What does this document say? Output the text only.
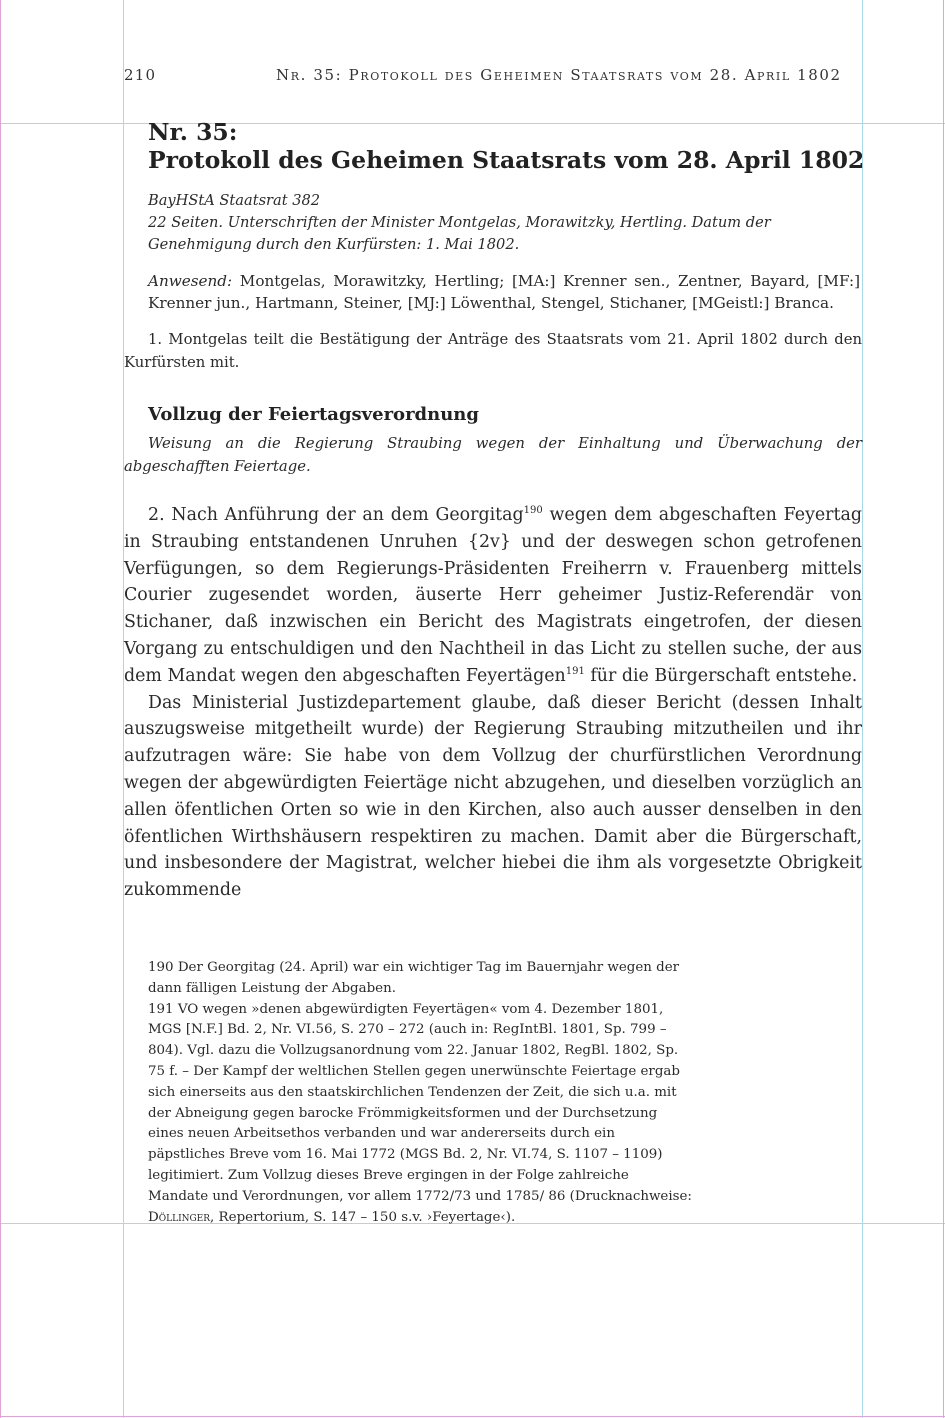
210	Nr. 35: Protokoll des Geheimen Staatsrats vom 28. April 1802
Nr. 35:
Protokoll des Geheimen Staatsrats vom 28. April 1802
BayHStA Staatsrat 382
22 Seiten. Unterschriften der Minister Montgelas, Morawitzky, Hertling. Datum der Genehmigung durch den Kurfürsten: 1. Mai 1802.
Anwesend: Montgelas, Morawitzky, Hertling; [MA:] Krenner sen., Zentner, Bayard, [MF:] Krenner jun., Hartmann, Steiner, [MJ:] Löwenthal, Stengel, Stichaner, [MGeistl:] Branca.
1. Montgelas teilt die Bestätigung der Anträge des Staatsrats vom 21. April 1802 durch den Kurfürsten mit.
Vollzug der Feiertagsverordnung
Weisung an die Regierung Straubing wegen der Einhaltung und Überwachung der abgeschafften Feiertage.

2. Nach Anführung der an dem Georgitag$^{190}$ wegen dem abgeschaften Feyertag in Straubing entstandenen Unruhen {2v} und der deswegen schon getrofenen Verfügungen, so dem Regierungs-Präsidenten Freiherrn v. Frauenberg mittels Courier zugesendet worden, äuserte Herr geheimer Justiz-Referendär von Stichaner, daß inzwischen ein Bericht des Magistrats eingetrofen, der diesen Vorgang zu entschuldigen und den Nachtheil in das Licht zu stellen suche, der aus dem Mandat wegen den abgeschaften Feyertägen$^{191}$ für die Bürgerschaft entstehe.

Das Ministerial Justizdepartement glaube, daß dieser Bericht (dessen Inhalt auszugsweise mitgetheilt wurde) der Regierung Straubing mitzutheilen und ihr aufzutragen wäre: Sie habe von dem Vollzug der churfürstlichen Verordnung wegen der abgewürdigten Feiertäge nicht abzugehen, und dieselben vorzüglich an allen öfentlichen Orten so wie in den Kirchen, also auch ausser denselben in den öfentlichen Wirthshäusern respektiren zu machen. Damit aber die Bürgerschaft, und insbesondere der Magistrat, welcher hiebei die ihm als vorgesetzte Obrigkeit zukommende

190 Der Georgitag (24. April) war ein wichtiger Tag im Bauernjahr wegen der dann fälligen Leistung der Abgaben.

191 VO wegen »denen abgewürdigten Feyertägen« vom 4. Dezember 1801, MGS [N.F.] Bd. 2, Nr. VI.56, S. 270 – 272 (auch in: RegIntBl. 1801, Sp. 799 – 804). Vgl. dazu die Vollzugsanordnung vom 22. Januar 1802, RegBl. 1802, Sp. 75 f. – Der Kampf der weltlichen Stellen gegen unerwünschte Feiertage ergab sich einerseits aus den staatskirchlichen Tendenzen der Zeit, die sich u.a. mit der Abneigung gegen barocke Frömmigkeitsformen und der Durchsetzung eines neuen Arbeitsethos verbanden und war andererseits durch ein päpstliches Breve vom 16. Mai 1772 (MGS Bd. 2, Nr. VI.74, S. 1107 – 1109) legitimiert. Zum Vollzug dieses Breve ergingen in der Folge zahlreiche Mandate und Verordnungen, vor allem 1772/73 und 1785/ 86 (Drucknachweise: Döllinger, Repertorium, S. 147 – 150 s.v. ›Feyertage‹).
